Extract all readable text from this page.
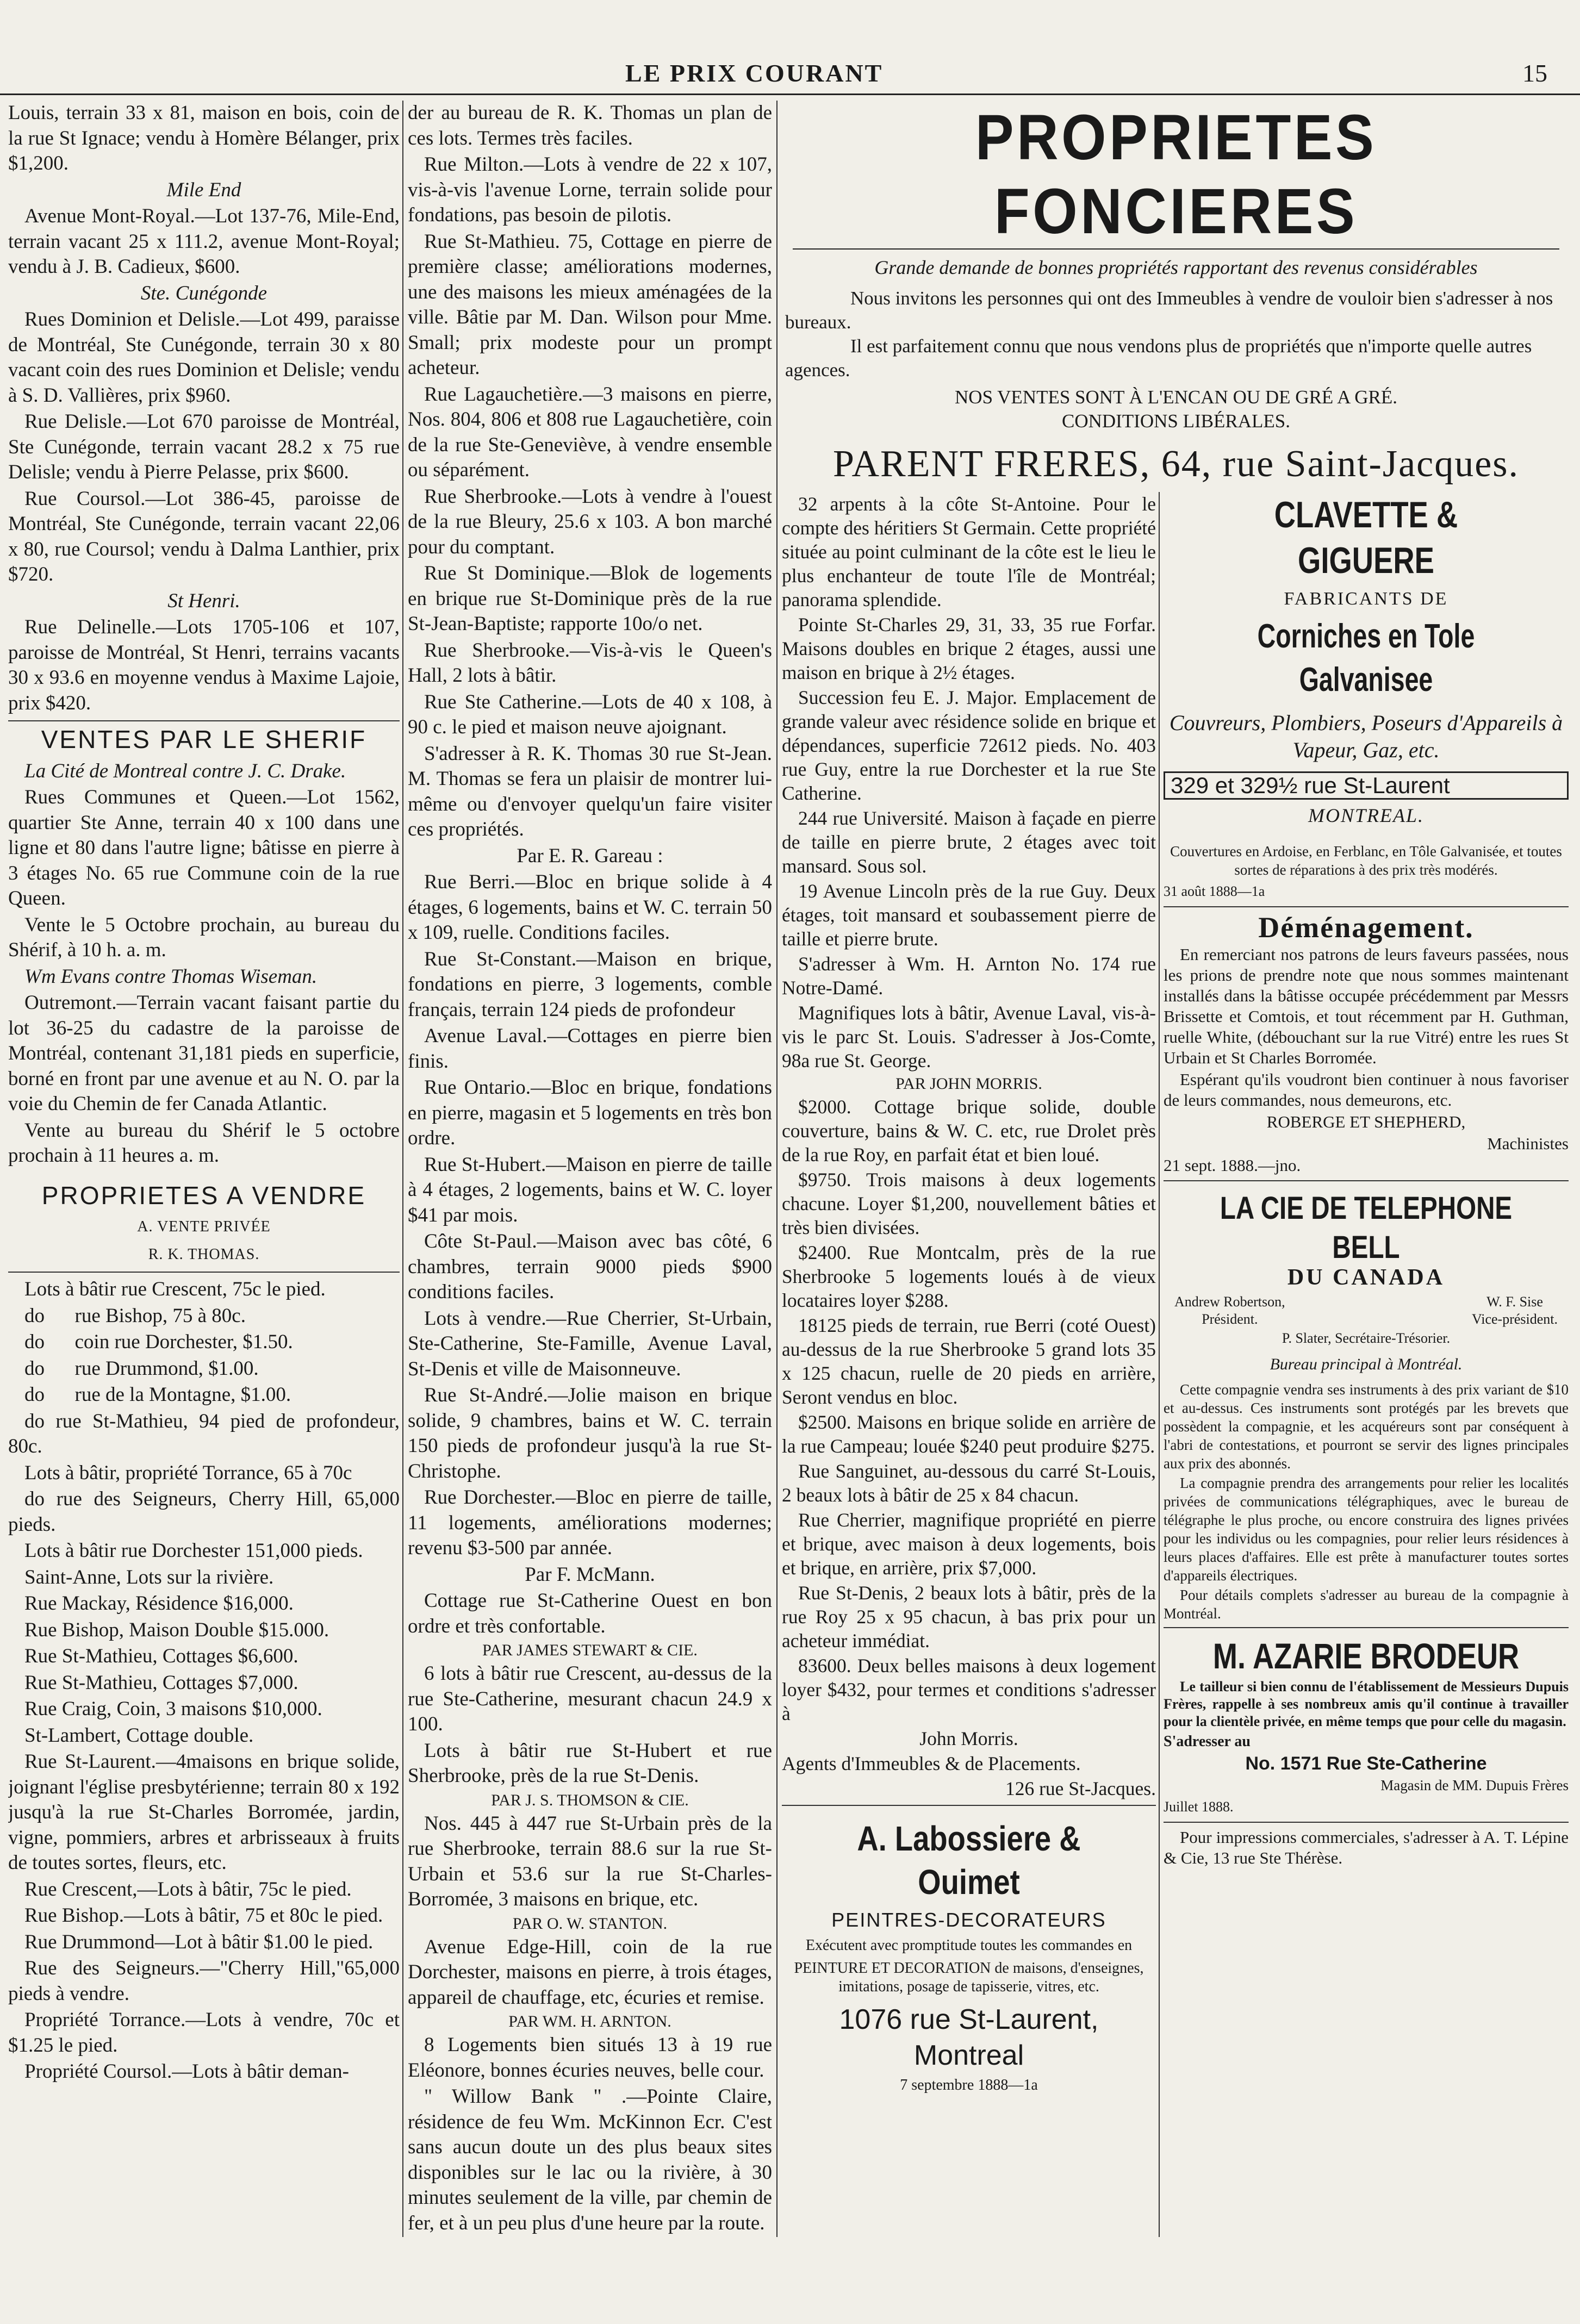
LE PRIX COURANT	15

Louis, terrain 33 x 81, maison en bois, coin de la rue St Ignace; vendu à Homère Bélanger, prix $1,200.

Mile End

Avenue Mont-Royal.—Lot 137-76, Mile-End, terrain vacant 25 x 111.2, avenue Mont-Royal; vendu à J. B. Cadieux, $600.

Ste. Cunégonde

Rues Dominion et Delisle.—Lot 499, paraisse de Montréal, Ste Cunégonde, terrain 30 x 80 vacant coin des rues Dominion et Delisle; vendu à S. D. Vallières, prix $960.

Rue Delisle.—Lot 670 paroisse de Montréal, Ste Cunégonde, terrain vacant 28.2 x 75 rue Delisle; vendu à Pierre Pelasse, prix $600.

Rue Coursol.—Lot 386-45, paroisse de Montréal, Ste Cunégonde, terrain vacant 22,06 x 80, rue Coursol; vendu à Dalma Lanthier, prix $720.

St Henri.

Rue Delinelle.—Lots 1705-106 et 107, paroisse de Montréal, St Henri, terrains vacants 30 x 93.6 en moyenne vendus à Maxime Lajoie, prix $420.

VENTES PAR LE SHERIF

La Cité de Montreal contre J. C. Drake.

Rues Communes et Queen.—Lot 1562, quartier Ste Anne, terrain 40 x 100 dans une ligne et 80 dans l'autre ligne; bâtisse en pierre à 3 étages No. 65 rue Commune coin de la rue Queen.

Vente le 5 Octobre prochain, au bureau du Shérif, à 10 h. a. m.

Wm Evans contre Thomas Wiseman.

Outremont.—Terrain vacant faisant partie du lot 36-25 du cadastre de la paroisse de Montréal, contenant 31,181 pieds en superficie, borné en front par une avenue et au N. O. par la voie du Chemin de fer Canada Atlantic.

Vente au bureau du Shérif le 5 octobre prochain à 11 heures a. m.

PROPRIETES A VENDRE
A. VENTE PRIVÉE
R. K. THOMAS.

Lots à bâtir rue Crescent, 75c le pied.

do      rue Bishop, 75 à 80c.

do      coin rue Dorchester, $1.50.

do      rue Drummond, $1.00.

do      rue de la Montagne, $1.00.

do rue St-Mathieu, 94 pied de profondeur, 80c.

Lots à bâtir, propriété Torrance, 65 à 70c

do rue des Seigneurs, Cherry Hill, 65,000 pieds.

Lots à bâtir rue Dorchester 151,000 pieds.

Saint-Anne, Lots sur la rivière.

Rue Mackay, Résidence $16,000.

Rue Bishop, Maison Double $15.000.

Rue St-Mathieu, Cottages $6,600.

Rue St-Mathieu, Cottages $7,000.

Rue Craig, Coin, 3 maisons $10,000.

St-Lambert, Cottage double.

Rue St-Laurent.—4maisons en brique solide, joignant l'église presbytérienne; terrain 80 x 192 jusqu'à la rue St-Charles Borromée, jardin, vigne, pommiers, arbres et arbrisseaux à fruits de toutes sortes, fleurs, etc.

Rue Crescent,—Lots à bâtir, 75c le pied.

Rue Bishop.—Lots à bâtir, 75 et 80c le pied.

Rue Drummond—Lot à bâtir $1.00 le pied.

Rue des Seigneurs.—"Cherry Hill,"65,000 pieds à vendre.

Propriété Torrance.—Lots à vendre, 70c et $1.25 le pied.

Propriété Coursol.—Lots à bâtir deman-

der au bureau de R. K. Thomas un plan de ces lots. Termes très faciles.

Rue Milton.—Lots à vendre de 22 x 107, vis-à-vis l'avenue Lorne, terrain solide pour fondations, pas besoin de pilotis.

Rue St-Mathieu. 75, Cottage en pierre de première classe; améliorations modernes, une des maisons les mieux aménagées de la ville. Bâtie par M. Dan. Wilson pour Mme. Small; prix modeste pour un prompt acheteur.

Rue Lagauchetière.—3 maisons en pierre, Nos. 804, 806 et 808 rue Lagauchetière, coin de la rue Ste-Geneviève, à vendre ensemble ou séparément.

Rue Sherbrooke.—Lots à vendre à l'ouest de la rue Bleury, 25.6 x 103. A bon marché pour du comptant.

Rue St Dominique.—Blok de logements en brique rue St-Dominique près de la rue St-Jean-Baptiste; rapporte 10o/o net.

Rue Sherbrooke.—Vis-à-vis le Queen's Hall, 2 lots à bâtir.

Rue Ste Catherine.—Lots de 40 x 108, à 90 c. le pied et maison neuve ajoignant.

S'adresser à R. K. Thomas 30 rue St-Jean. M. Thomas se fera un plaisir de montrer lui-même ou d'envoyer quelqu'un faire visiter ces propriétés.

Par E. R. Gareau :

Rue Berri.—Bloc en brique solide à 4 étages, 6 logements, bains et W. C. terrain 50 x 109, ruelle. Conditions faciles.

Rue St-Constant.—Maison en brique, fondations en pierre, 3 logements, comble français, terrain 124 pieds de profondeur

Avenue Laval.—Cottages en pierre bien finis.

Rue Ontario.—Bloc en brique, fondations en pierre, magasin et 5 logements en très bon ordre.

Rue St-Hubert.—Maison en pierre de taille à 4 étages, 2 logements, bains et W. C. loyer $41 par mois.

Côte St-Paul.—Maison avec bas côté, 6 chambres, terrain 9000 pieds $900 conditions faciles.

Lots à vendre.—Rue Cherrier, St-Urbain, Ste-Catherine, Ste-Famille, Avenue Laval, St-Denis et ville de Maisonneuve.

Rue St-André.—Jolie maison en brique solide, 9 chambres, bains et W. C. terrain 150 pieds de profondeur jusqu'à la rue St-Christophe.

Rue Dorchester.—Bloc en pierre de taille, 11 logements, améliorations modernes; revenu $3-500 par année.

Par F. McMann.

Cottage rue St-Catherine Ouest en bon ordre et très confortable.

PAR JAMES STEWART & CIE.

6 lots à bâtir rue Crescent, au-dessus de la rue Ste-Catherine, mesurant chacun 24.9 x 100.

Lots à bâtir rue St-Hubert et rue Sherbrooke, près de la rue St-Denis.

PAR J. S. THOMSON & CIE.

Nos. 445 à 447 rue St-Urbain près de la rue Sherbrooke, terrain 88.6 sur la rue St-Urbain et 53.6 sur la rue St-Charles-Borromée, 3 maisons en brique, etc.

PAR O. W. STANTON.

Avenue Edge-Hill, coin de la rue Dorchester, maisons en pierre, à trois étages, appareil de chauffage, etc, écuries et remise.

PAR WM. H. ARNTON.

8 Logements bien situés 13 à 19 rue Eléonore, bonnes écuries neuves, belle cour.

" Willow Bank " .—Pointe Claire, résidence de feu Wm. McKinnon Ecr. C'est sans aucun doute un des plus beaux sites disponibles sur le lac ou la rivière, à 30 minutes seulement de la ville, par chemin de fer, et à un peu plus d'une heure par la route.

PROPRIETES FONCIERES
Grande demande de bonnes propriétés rapportant des revenus considérables
Nous invitons les personnes qui ont des Immeubles à vendre de vouloir bien s'adresser à nos bureaux.
Il est parfaitement connu que nous vendons plus de propriétés que n'importe quelle autres agences.
NOS VENTES SONT À L'ENCAN OU DE GRÉ A GRÉ.
CONDITIONS LIBÉRALES.
PARENT FRERES, 64, rue Saint-Jacques.

32 arpents à la côte St-Antoine. Pour le compte des héritiers St Germain. Cette propriété située au point culminant de la côte est le lieu le plus enchanteur de toute l'île de Montréal; panorama splendide.

Pointe St-Charles 29, 31, 33, 35 rue Forfar. Maisons doubles en brique 2 étages, aussi une maison en brique à 2½ étages.

Succession feu E. J. Major. Emplacement de grande valeur avec résidence solide en brique et dépendances, superficie 72612 pieds. No. 403 rue Guy, entre la rue Dorchester et la rue Ste Catherine.

244 rue Université. Maison à façade en pierre de taille en pierre brute, 2 étages avec toit mansard. Sous sol.

19 Avenue Lincoln près de la rue Guy. Deux étages, toit mansard et soubassement pierre de taille et pierre brute.

S'adresser à Wm. H. Arnton No. 174 rue Notre-Damé.

Magnifiques lots à bâtir, Avenue Laval, vis-à-vis le parc St. Louis. S'adresser à Jos-Comte, 98a rue St. George.

PAR JOHN MORRIS.

$2000. Cottage brique solide, double couverture, bains & W. C. etc, rue Drolet près de la rue Roy, en parfait état et bien loué.

$9750. Trois maisons à deux logements chacune. Loyer $1,200, nouvellement bâties et très bien divisées.

$2400. Rue Montcalm, près de la rue Sherbrooke 5 logements loués à de vieux locataires loyer $288.

18125 pieds de terrain, rue Berri (coté Ouest) au-dessus de la rue Sherbrooke 5 grand lots 35 x 125 chacun, ruelle de 20 pieds en arrière, Seront vendus en bloc.

$2500. Maisons en brique solide en arrière de la rue Campeau; louée $240 peut produire $275.

Rue Sanguinet, au-dessous du carré St-Louis, 2 beaux lots à bâtir de 25 x 84 chacun.

Rue Cherrier, magnifique propriété en pierre et brique, avec maison à deux logements, bois et brique, en arrière, prix $7,000.

Rue St-Denis, 2 beaux lots à bâtir, près de la rue Roy 25 x 95 chacun, à bas prix pour un acheteur immédiat.

83600. Deux belles maisons à deux logement loyer $432, pour termes et conditions s'adresser à

John Morris.

Agents d'Immeubles & de Placements.

126 rue St-Jacques.

A. Labossiere & Ouimet
PEINTRES-DECORATEURS
Exécutent avec promptitude toutes les commandes en
PEINTURE ET DECORATION de maisons, d'enseignes, imitations, posage de tapisserie, vitres, etc.
1076 rue St-Laurent, Montreal
7 septembre 1888—1a
CLAVETTE & GIGUERE
FABRICANTS DE
Corniches en Tole Galvanisee
Couvreurs, Plombiers, Poseurs d'Appareils à Vapeur, Gaz, etc.
329 et 329½ rue St-Laurent
MONTREAL.
Couvertures en Ardoise, en Ferblanc, en Tôle Galvanisée, et toutes sortes de réparations à des prix très modérés.
31 août 1888—1a
Déménagement.

En remerciant nos patrons de leurs faveurs passées, nous les prions de prendre note que nous sommes maintenant installés dans la bâtisse occupée précédemment par Messrs Brissette et Comtois, et tout récemment par H. Guthman, ruelle White, (débouchant sur la rue Vitré) entre les rues St Urbain et St Charles Borromée.

Espérant qu'ils voudront bien continuer à nous favoriser de leurs commandes, nous demeurons, etc.

ROBERGE ET SHEPHERD,

Machinistes

21 sept. 1888.—jno.

LA CIE DE TELEPHONE BELL
DU CANADA
Andrew Robertson,
Président.
W. F. Sise
Vice-président.
P. Slater, Secrétaire-Trésorier.
Bureau principal à Montréal.

Cette compagnie vendra ses instruments à des prix variant de $10 et au-dessus. Ces instruments sont protégés par les brevets que possèdent la compagnie, et les acquéreurs sont par conséquent à l'abri de contestations, et pourront se servir des lignes principales aux prix des abonnés.

La compagnie prendra des arrangements pour relier les localités privées de communications télégraphiques, avec le bureau de télégraphe le plus proche, ou encore construira des lignes privées pour les individus ou les compagnies, pour relier leurs résidences à leurs places d'affaires. Elle est prête à manufacturer toutes sortes d'appareils électriques.

Pour détails complets s'adresser au bureau de la compagnie à Montréal.

M. AZARIE BRODEUR

Le tailleur si bien connu de l'établissement de Messieurs Dupuis Frères, rappelle à ses nombreux amis qu'il continue à travailler pour la clientèle privée, en même temps que pour celle du magasin.

S'adresser au

No. 1571 Rue Ste-Catherine

Magasin de MM. Dupuis Frères

Juillet 1888.

Pour impressions commerciales, s'adresser à A. T. Lépine & Cie, 13 rue Ste Thérèse.
